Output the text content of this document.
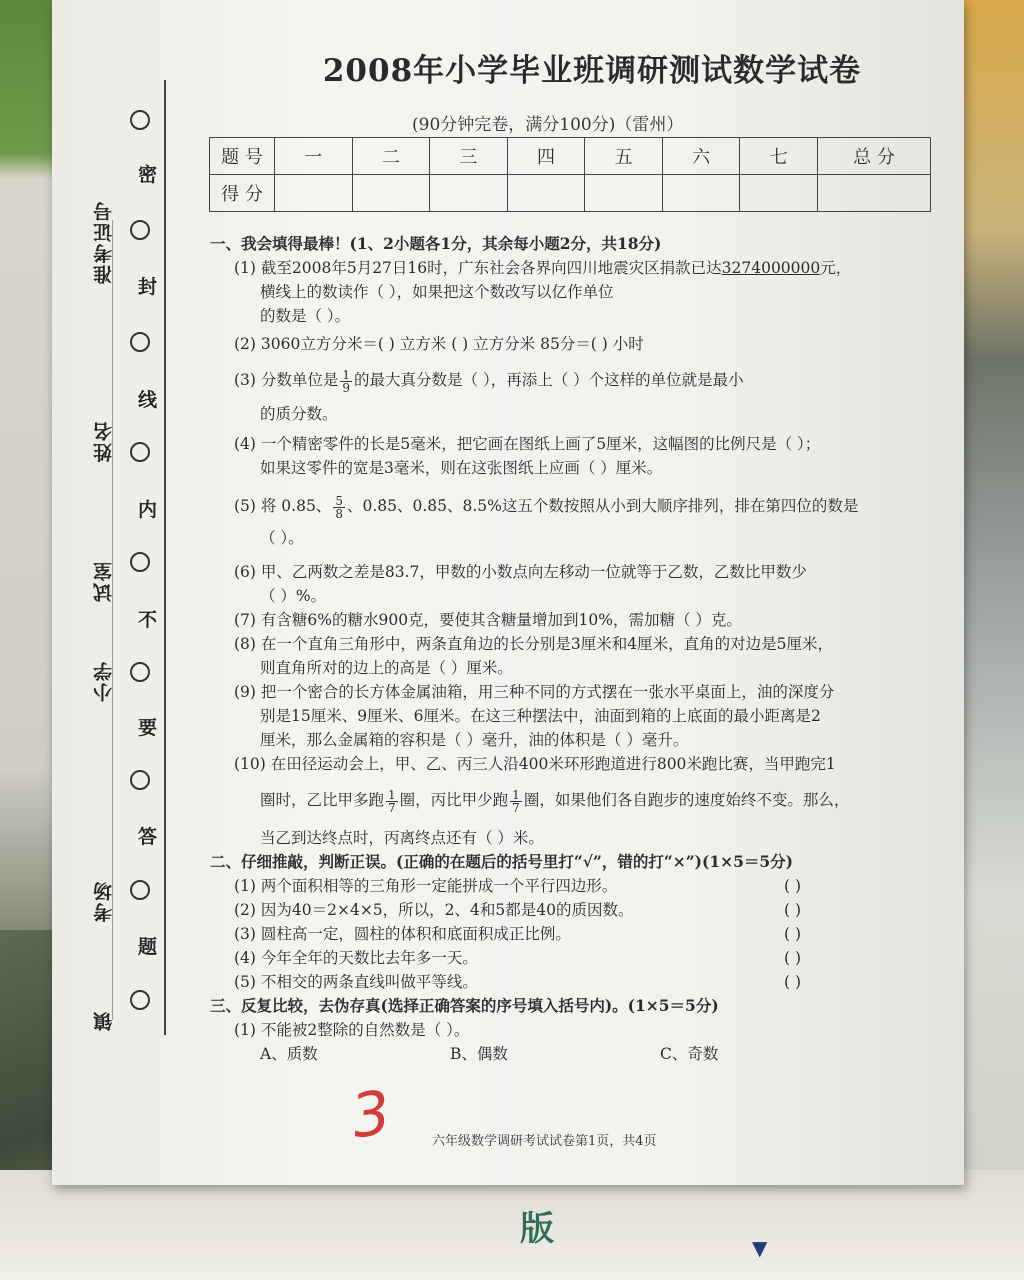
版	▼
密
封
线
内
不
要
答
题
准考证号
姓名
试室
小学
考场
镇
2008年小学毕业班调研测试数学试卷
(90分钟完卷，满分100分)（雷州）
题 号	一	二	三	四	五	六	七	总 分
得 分								
一、我会填得最棒！(1、2小题各1分，其余每小题2分，共18分)
(1) 截至2008年5月27日16时，广东社会各界向四川地震灾区捐款已达3274000000元，
横线上的数读作（ ），如果把这个数改写以亿作单位
的数是（ ）。
(2) 3060立方分米＝( ) 立方米 ( ) 立方分米 85分＝( ) 小时
(3) 分数单位是 $\frac{1}{9}$ 的最大真分数是（ ），再添上（ ）个这样的单位就是最小
的质分数。
(4) 一个精密零件的长是5毫米，把它画在图纸上画了5厘米，这幅图的比例尺是（ ）；
如果这零件的宽是3毫米，则在这张图纸上应画（ ）厘米。
(5) 将 0.85、 $\frac{5}{8}$ 、0.8̇5、0.8̇5̇、8.5%这五个数按照从小到大顺序排列，排在第四位的数是
（ ）。
(6) 甲、乙两数之差是83.7，甲数的小数点向左移动一位就等于乙数，乙数比甲数少
（ ）%。
(7) 有含糖6%的糖水900克，要使其含糖量增加到10%，需加糖（ ）克。
(8) 在一个直角三角形中，两条直角边的长分别是3厘米和4厘米，直角的对边是5厘米，
则直角所对的边上的高是（ ）厘米。
(9) 把一个密合的长方体金属油箱，用三种不同的方式摆在一张水平桌面上，油的深度分
别是15厘米、9厘米、6厘米。在这三种摆法中，油面到箱的上底面的最小距离是2
厘米，那么金属箱的容积是（ ）毫升，油的体积是（ ）毫升。
(10) 在田径运动会上，甲、乙、丙三人沿400米环形跑道进行800米跑比赛，当甲跑完1
圈时，乙比甲多跑 $\frac{1}{7}$ 圈，丙比甲少跑 $\frac{1}{7}$ 圈，如果他们各自跑步的速度始终不变。那么，
当乙到达终点时，丙离终点还有（ ）米。
二、仔细推敲，判断正误。(正确的在题后的括号里打“√”，错的打“×”)(1×5＝5分)
(1) 两个面积相等的三角形一定能拼成一个平行四边形。	( )
(2) 因为40＝2×4×5，所以，2、4和5都是40的质因数。	( )
(3) 圆柱高一定，圆柱的体积和底面积成正比例。	( )
(4) 今年全年的天数比去年多一天。	( )
(5) 不相交的两条直线叫做平等线。	( )
三、反复比较，去伪存真(选择正确答案的序号填入括号内)。(1×5＝5分)
(1) 不能被2整除的自然数是（ ）。
A、质数	B、偶数	C、奇数
3	六年级数学调研考试试卷第1页，共4页
